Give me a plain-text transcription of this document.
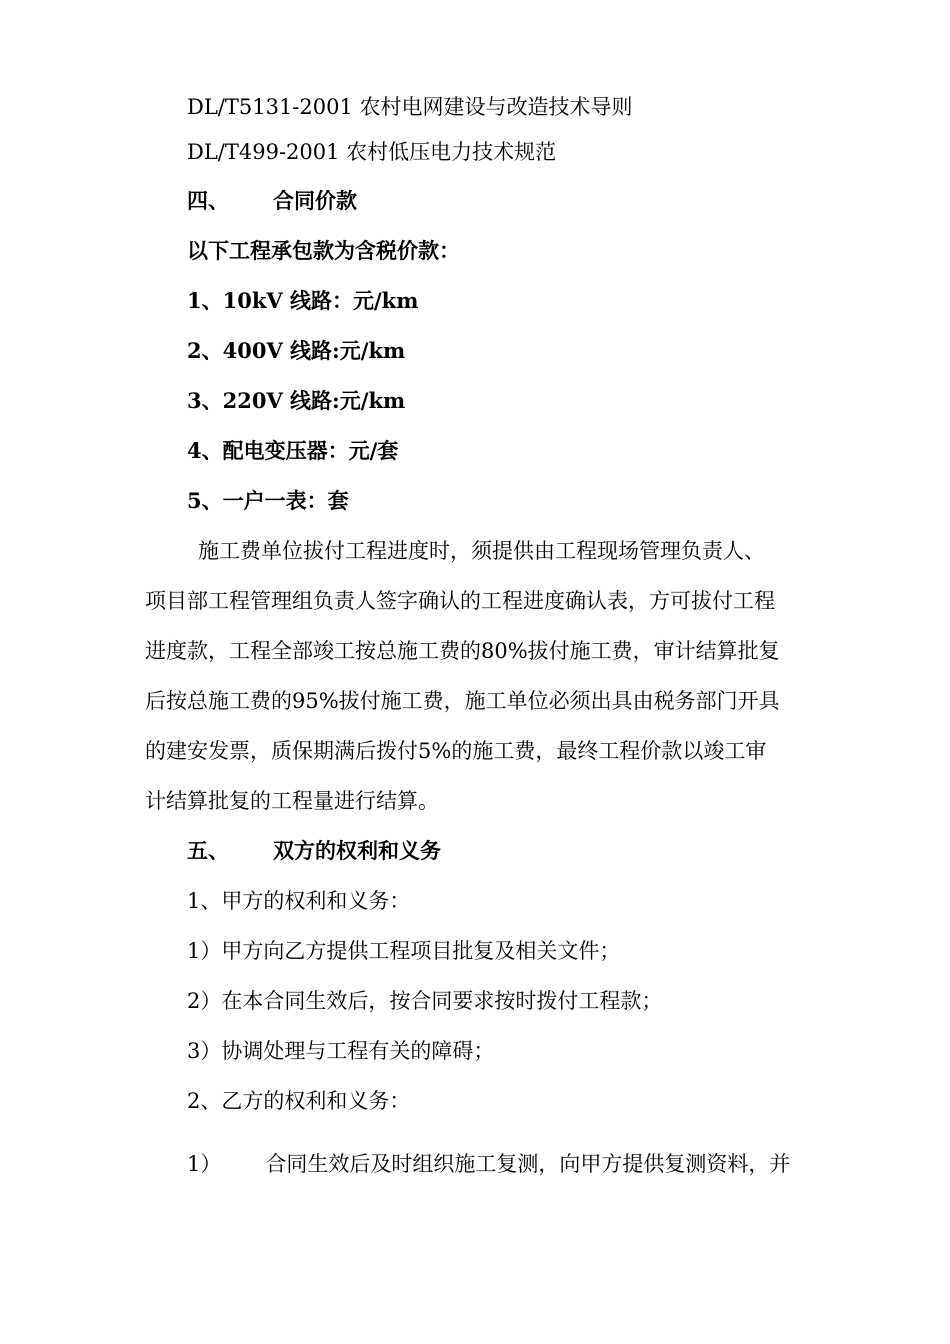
DL/T5131-2001 农村电网建设与改造技术导则
DL/T499-2001 农村低压电力技术规范
四、 合同价款
以下工程承包款为含税价款：
1、10kV 线路：元/km
2、400V 线路:元/km
3、220V 线路:元/km
4、配电变压器：元/套
5、一户一表：套
施工费单位拔付工程进度时，须提供由工程现场管理负责人、
项目部工程管理组负责人签字确认的工程进度确认表，方可拔付工程
进度款，工程全部竣工按总施工费的80%拔付施工费，审计结算批复
后按总施工费的95%拔付施工费，施工单位必须出具由税务部门开具
的建安发票，质保期满后拨付5%的施工费，最终工程价款以竣工审
计结算批复的工程量进行结算。
五、 双方的权利和义务
1、甲方的权利和义务：
1）甲方向乙方提供工程项目批复及相关文件；
2）在本合同生效后，按合同要求按时拨付工程款；
3）协调处理与工程有关的障碍；
2、乙方的权利和义务：
1） 合同生效后及时组织施工复测，向甲方提供复测资料，并
